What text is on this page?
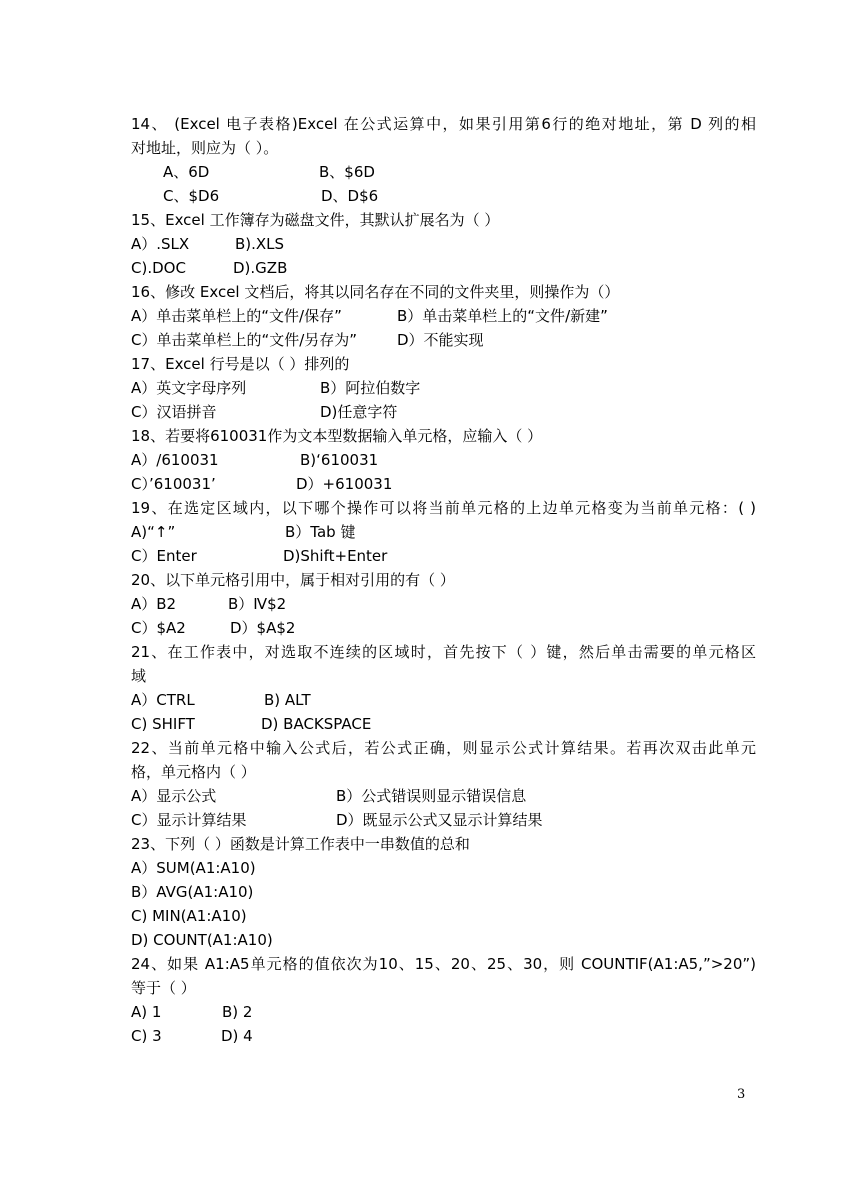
14、 (Excel 电子表格)Excel 在公式运算中，如果引用第6行的绝对地址，第 D 列的相
对地址，则应为（ ）。
A、6D	B、$6D
C、$D6	D、D$6
15、Excel 工作簿存为磁盘文件，其默认扩展名为（ ）
A）.SLX	B).XLS
C).DOC	D).GZB
16、修改 Excel 文档后，将其以同名存在不同的文件夹里，则操作为（）
A）单击菜单栏上的“文件/保存”	B）单击菜单栏上的“文件/新建”
C）单击菜单栏上的“文件/另存为”	D）不能实现
17、Excel 行号是以（ ）排列的
A）英文字母序列	B）阿拉伯数字
C）汉语拼音	D)任意字符
18、若要将610031作为文本型数据输入单元格，应输入（ ）
A）/610031	B)‘610031
C）’610031’	D）+610031
19、在选定区域内，以下哪个操作可以将当前单元格的上边单元格变为当前单元格：( )
A)“↑”	B）Tab 键
C）Enter	D)Shift+Enter
20、以下单元格引用中，属于相对引用的有（ ）
A）B2	B）Ⅳ$2
C）$A2	D）$A$2
21、在工作表中，对选取不连续的区域时，首先按下（ ）键，然后单击需要的单元格区
域
A）CTRL	B) ALT
C) SHIFT	D) BACKSPACE
22、当前单元格中输入公式后，若公式正确，则显示公式计算结果。若再次双击此单元
格，单元格内（ ）
A）显示公式	B）公式错误则显示错误信息
C）显示计算结果	D）既显示公式又显示计算结果
23、下列（ ）函数是计算工作表中一串数值的总和
A）SUM(A1:A10)
B）AVG(A1:A10)
C) MIN(A1:A10)
D) COUNT(A1:A10)
24、如果 A1:A5单元格的值依次为10、15、20、25、30，则 COUNTIF(A1:A5,”>20”)
等于（ ）
A) 1	B) 2
C) 3	D) 4
3
